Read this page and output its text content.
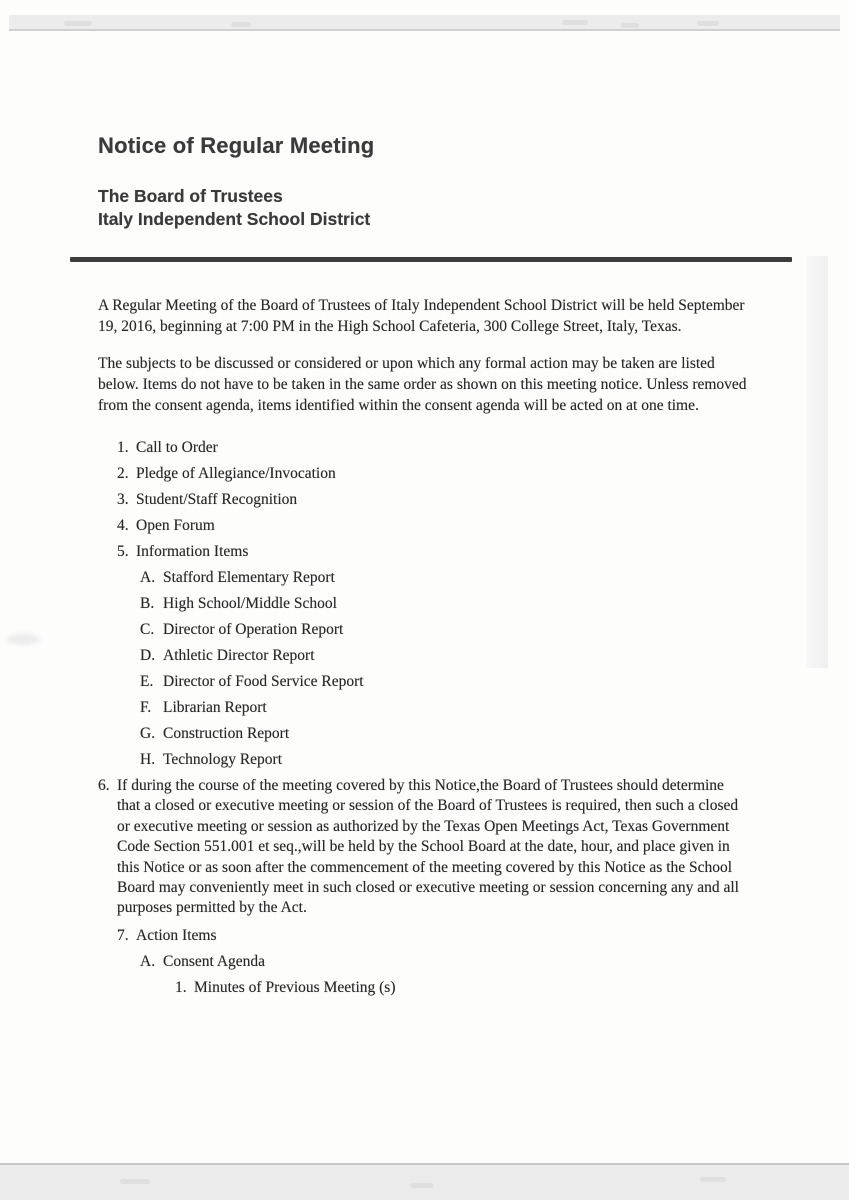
Notice of Regular Meeting
The Board of Trustees
Italy Independent School District

A Regular Meeting of the Board of Trustees of Italy Independent School District will be held September 19, 2016, beginning at 7:00 PM in the High School Cafeteria, 300 College Street, Italy, Texas.

The subjects to be discussed or considered or upon which any formal action may be taken are listed below. Items do not have to be taken in the same order as shown on this meeting notice. Unless removed from the consent agenda, items identified within the consent agenda will be acted on at one time.

1. Call to Order
2. Pledge of Allegiance/Invocation
3. Student/Staff Recognition
4. Open Forum
5. Information Items
A. Stafford Elementary Report
B. High School/Middle School
C. Director of Operation Report
D. Athletic Director Report
E. Director of Food Service Report
F. Librarian Report
G. Construction Report
H. Technology Report
6. If during the course of the meeting covered by this Notice,the Board of Trustees should determine that a closed or executive meeting or session of the Board of Trustees is required, then such a closed or executive meeting or session as authorized by the Texas Open Meetings Act, Texas Government Code Section 551.001 et seq.,will be held by the School Board at the date, hour, and place given in this Notice or as soon after the commencement of the meeting covered by this Notice as the School Board may conveniently meet in such closed or executive meeting or session concerning any and all purposes permitted by the Act.
7. Action Items
A. Consent Agenda
1. Minutes of Previous Meeting (s)
